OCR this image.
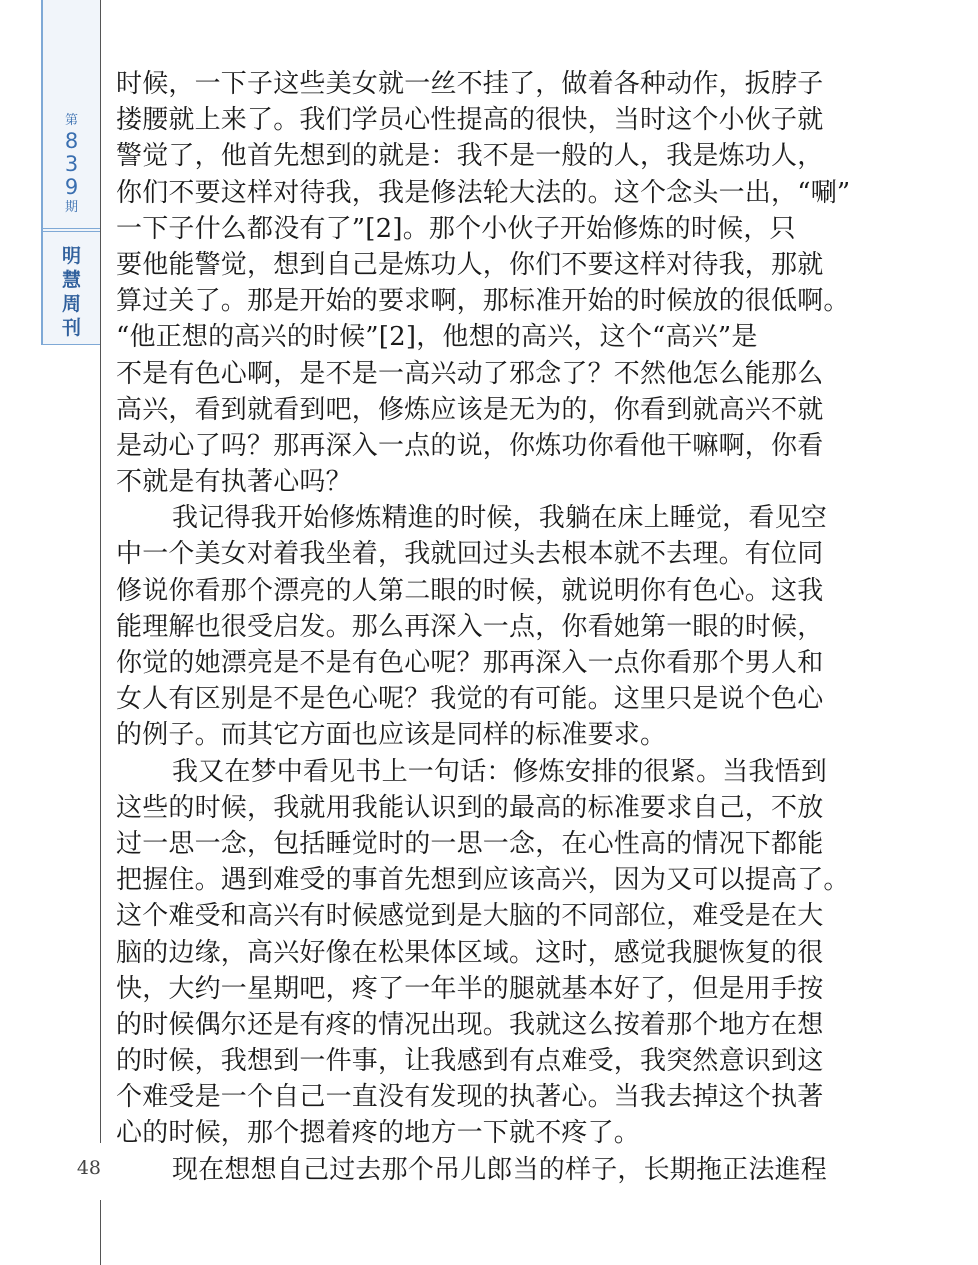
第
8
3
9
期
明
慧
周
刊
48
时候，一下子这些美女就一丝不挂了，做着各种动作，扳脖子
搂腰就上来了。我们学员心性提高的很快，当时这个小伙子就
警觉了，他首先想到的就是：我不是一般的人，我是炼功人，
你们不要这样对待我，我是修法轮大法的。这个念头一出，“唰”
一下子什么都没有了”[2]。那个小伙子开始修炼的时候，只
要他能警觉，想到自己是炼功人，你们不要这样对待我，那就
算过关了。那是开始的要求啊，那标准开始的时候放的很低啊。
“他正想的高兴的时候”[2]，他想的高兴，这个“高兴”是
不是有色心啊，是不是一高兴动了邪念了？不然他怎么能那么
高兴，看到就看到吧，修炼应该是无为的，你看到就高兴不就
是动心了吗？那再深入一点的说，你炼功你看他干嘛啊，你看
不就是有执著心吗？
我记得我开始修炼精進的时候，我躺在床上睡觉，看见空
中一个美女对着我坐着，我就回过头去根本就不去理。有位同
修说你看那个漂亮的人第二眼的时候，就说明你有色心。这我
能理解也很受启发。那么再深入一点，你看她第一眼的时候，
你觉的她漂亮是不是有色心呢？那再深入一点你看那个男人和
女人有区别是不是色心呢？我觉的有可能。这里只是说个色心
的例子。而其它方面也应该是同样的标准要求。
我又在梦中看见书上一句话：修炼安排的很紧。当我悟到
这些的时候，我就用我能认识到的最高的标准要求自己，不放
过一思一念，包括睡觉时的一思一念，在心性高的情况下都能
把握住。遇到难受的事首先想到应该高兴，因为又可以提高了。
这个难受和高兴有时候感觉到是大脑的不同部位，难受是在大
脑的边缘，高兴好像在松果体区域。这时，感觉我腿恢复的很
快，大约一星期吧，疼了一年半的腿就基本好了，但是用手按
的时候偶尔还是有疼的情况出现。我就这么按着那个地方在想
的时候，我想到一件事，让我感到有点难受，我突然意识到这
个难受是一个自己一直没有发现的执著心。当我去掉这个执著
心的时候，那个摁着疼的地方一下就不疼了。
现在想想自己过去那个吊儿郎当的样子，长期拖正法進程
